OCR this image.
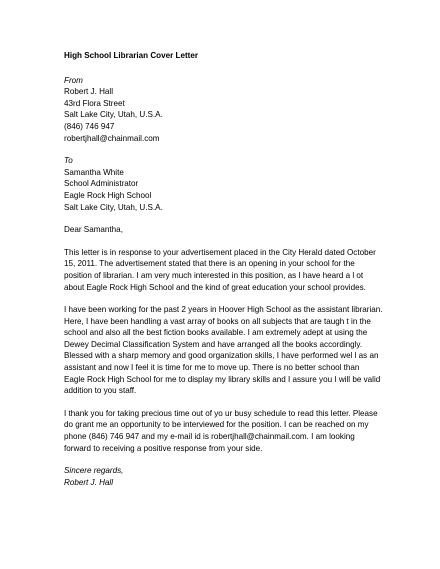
High School Librarian Cover Letter
From
Robert J. Hall
43rd Flora Street
Salt Lake City, Utah, U.S.A.
(846) 746 947
robertjhall@chainmail.com
To
Samantha White
School Administrator
Eagle Rock High School
Salt Lake City, Utah, U.S.A.
Dear Samantha,
This letter is in response to your advertisement placed in the City Herald dated October
15, 2011. The advertisement stated that there is an opening in your school for the
position of librarian. I am very much interested in this position, as I have heard a l ot
about Eagle Rock High School and the kind of great education your school provides.
I have been working for the past 2 years in Hoover High School as the assistant librarian.
Here, I have been handling a vast array of books on all subjects that are taugh t in the
school and also all the best fiction books available. I am extremely adept at using the
Dewey Decimal Classification System and have arranged all the books accordingly.
Blessed with a sharp memory and good organization skills, I have performed wel l as an
assistant and now I feel it is time for me to move up. There is no better school than
Eagle Rock High School for me to display my library skills and I assure you I will be valid
addition to you staff.
I thank you for taking precious time out of yo ur busy schedule to read this letter. Please
do grant me an opportunity to be interviewed for the position. I can be reached on my
phone (846) 746 947 and my e-mail id is robertjhall@chainmail.com. I am looking
forward to receiving a positive response from your side.
Sincere regards,
Robert J. Hall
